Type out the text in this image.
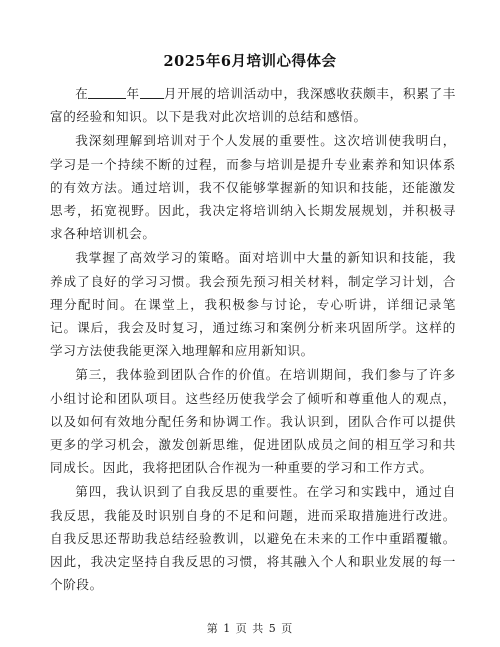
2025年6月培训心得体会

在	年 月开展的培训活动中，我深感收获颇丰，积累了丰富的经验和知识。以下是我对此次培训的总结和感悟。

我深刻理解到培训对于个人发展的重要性。这次培训使我明白，学习是一个持续不断的过程，而参与培训是提升专业素养和知识体系的有效方法。通过培训，我不仅能够掌握新的知识和技能，还能激发思考，拓宽视野。因此，我决定将培训纳入长期发展规划，并积极寻求各种培训机会。

我掌握了高效学习的策略。面对培训中大量的新知识和技能，我养成了良好的学习习惯。我会预先预习相关材料，制定学习计划，合理分配时间。在课堂上，我积极参与讨论，专心听讲，详细记录笔记。课后，我会及时复习，通过练习和案例分析来巩固所学。这样的学习方法使我能更深入地理解和应用新知识。

第三，我体验到团队合作的价值。在培训期间，我们参与了许多小组讨论和团队项目。这些经历使我学会了倾听和尊重他人的观点，以及如何有效地分配任务和协调工作。我认识到，团队合作可以提供更多的学习机会，激发创新思维，促进团队成员之间的相互学习和共同成长。因此，我将把团队合作视为一种重要的学习和工作方式。

第四，我认识到了自我反思的重要性。在学习和实践中，通过自我反思，我能及时识别自身的不足和问题，进而采取措施进行改进。自我反思还帮助我总结经验教训，以避免在未来的工作中重蹈覆辙。因此，我决定坚持自我反思的习惯，将其融入个人和职业发展的每一个阶段。

第 1 页 共 5 页
